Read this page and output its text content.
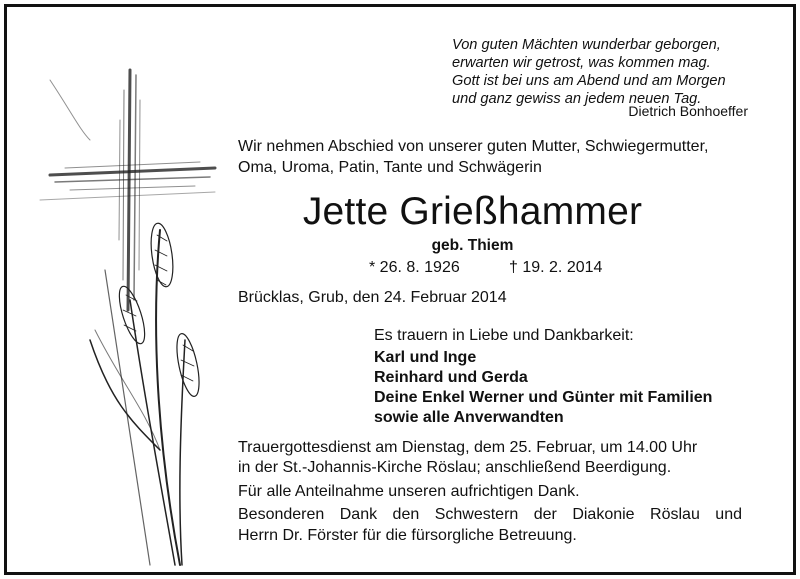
Von guten Mächten wunderbar geborgen,
erwarten wir getrost, was kommen mag.
Gott ist bei uns am Abend und am Morgen
und ganz gewiss an jedem neuen Tag.
Dietrich Bonhoeffer
Wir nehmen Abschied von unserer guten Mutter, Schwiegermutter,
Oma, Uroma, Patin, Tante und Schwägerin
Jette Grießhammer
geb. Thiem
* 26. 8. 1926	† 19. 2. 2014
Brücklas, Grub, den 24. Februar 2014
Es trauern in Liebe und Dankbarkeit:
Karl und Inge
Reinhard und Gerda
Deine Enkel Werner und Günter mit Familien
sowie alle Anverwandten
Trauergottesdienst am Dienstag, dem 25. Februar, um 14.00 Uhr
in der St.-Johannis-Kirche Röslau; anschließend Beerdigung.
Für alle Anteilnahme unseren aufrichtigen Dank.
Besonderen Dank den Schwestern der Diakonie Röslau und
Herrn Dr. Förster für die fürsorgliche Betreuung.
